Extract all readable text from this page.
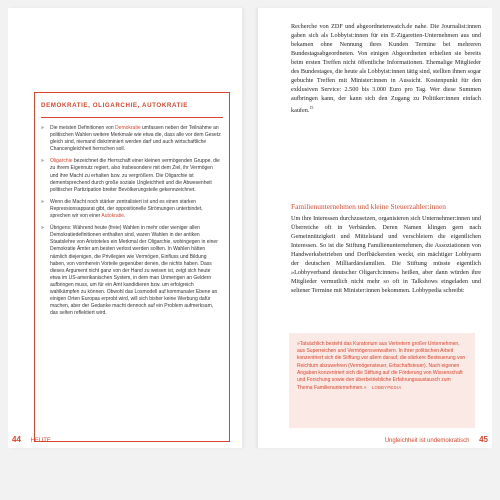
DEMOKRATIE, OLIGARCHIE, AUTOKRATIE
» Die meisten Definitionen von Demokratie umfassen neben der Teilnahme an politischen Wahlen weitere Merkmale wie etwa die, dass alle vor dem Gesetz gleich sind, niemand diskriminiert werden darf und auch wirtschaftliche Chancengleichheit herrschen soll.
» Oligarchie bezeichnet die Herrschaft einer kleinen vermögenden Gruppe, die zu ihrem Eigennutz regiert, also insbesondere mit dem Ziel, ihr Vermögen und ihre Macht zu erhalten bzw. zu vergrößern. Die Oligarchie ist dementsprechend durch große soziale Ungleichheit und die Abwesenheit politischer Partizipation breiter Bevölkerungsteile gekennzeichnet.
» Wenn die Macht noch stärker zentralisiert ist und es einen starken Repressionsapparat gibt, der oppositionelle Strömungen unterbindet, sprechen wir von einer Autokratie.
» Übrigens: Während heute (freie) Wahlen in mehr oder weniger allen Demokratiedefinitionen enthalten sind, waren Wahlen in der antiken Staatslehre von Aristoteles ein Merkmal der Oligarchie, wohingegen in einer Demokratie Ämter am besten verlost werden sollten. In Wahlen hätten nämlich diejenigen, die Privilegien wie Vermögen, Einfluss und Bildung haben, von vornherein Vorteile gegenüber denen, die nichts haben. Dass dieses Argument nicht ganz von der Hand zu weisen ist, zeigt sich heute etwa im US-amerikanischen System, in dem man Unmengen an Geldern aufbringen muss, um für ein Amt kandidieren bzw. um erfolgreich wahlkämpfen zu können. Obwohl das Losmodell auf kommunaler Ebene an einigen Orten Europas erprobt wird, will sich bisher keine Werbung dafür machen, aber der Gedanke macht dennoch auf ein Problem aufmerksam, das selten reflektiert wird.
44 HEUTE
Recherche von ZDF und abgeordnetenwatch.de nahe. Die Journalist:innen gaben sich als Lobbyist:innen für ein E-Zigaretten-Unternehmen aus und bekamen ohne Nennung ihres Kunden Termine bei mehreren Bundestagsabgeordneten. Von einigen Abgeordneten erhielten sie bereits beim ersten Treffen nicht öffentliche Informationen. Ehemalige Mitglieder des Bundestages, die heute als Lobbyist:innen tätig sind, stellten ihnen sogar gebuchte Treffen mit Minister:innen in Aussicht. Kostenpunkt für den exklusiven Service: 2.500 bis 3.000 Euro pro Tag. Wer diese Summen aufbringen kann, der kann sich den Zugang zu Politiker:innen einfach kaufen.$^{15}$
Familienunternehmen und kleine Steuerzahler:innen
Um ihre Interessen durchzusetzen, organisieren sich Unternehmer:innen und Überreiche oft in Verbänden. Deren Namen klingen gern nach Gemeinnützigkeit und Mittelstand und verschleiern die eigentlichen Interessen. So ist die Stiftung Familienunternehmen, die Assoziationen von Handwerksbetrieben und Dorfbäckereien weckt, ein mächtiger Lobbyarm der deutschen Milliardärsfamilien. Die Stiftung müsste eigentlich »Lobbyverband deutscher Oligarch:innen« heißen, aber dann würden ihre Mitglieder vermutlich nicht mehr so oft in Talkshows eingeladen und seltener Termine mit Minister:innen bekommen. Lobbypedia schreibt:
»Tatsächlich besteht das Kuratorium aus Vertretern großer Unternehmen, aus Superreichen und Vermögensverwaltern. In ihrer politischen Arbeit konzentriert sich die Stiftung vor allem darauf, die stärkere Besteuerung von Reichtum abzuwehren (Vermögensteuer, Erbschaftsteuer). Nach eigenen Angaben konzentriert sich die Stiftung auf die Förderung von Wissenschaft und Forschung sowie den überbetriebliche Erfahrungsaustausch zum Thema Familienunternehmen.« LOBBYPEDIA
Ungleichheit ist undemokratisch 45
